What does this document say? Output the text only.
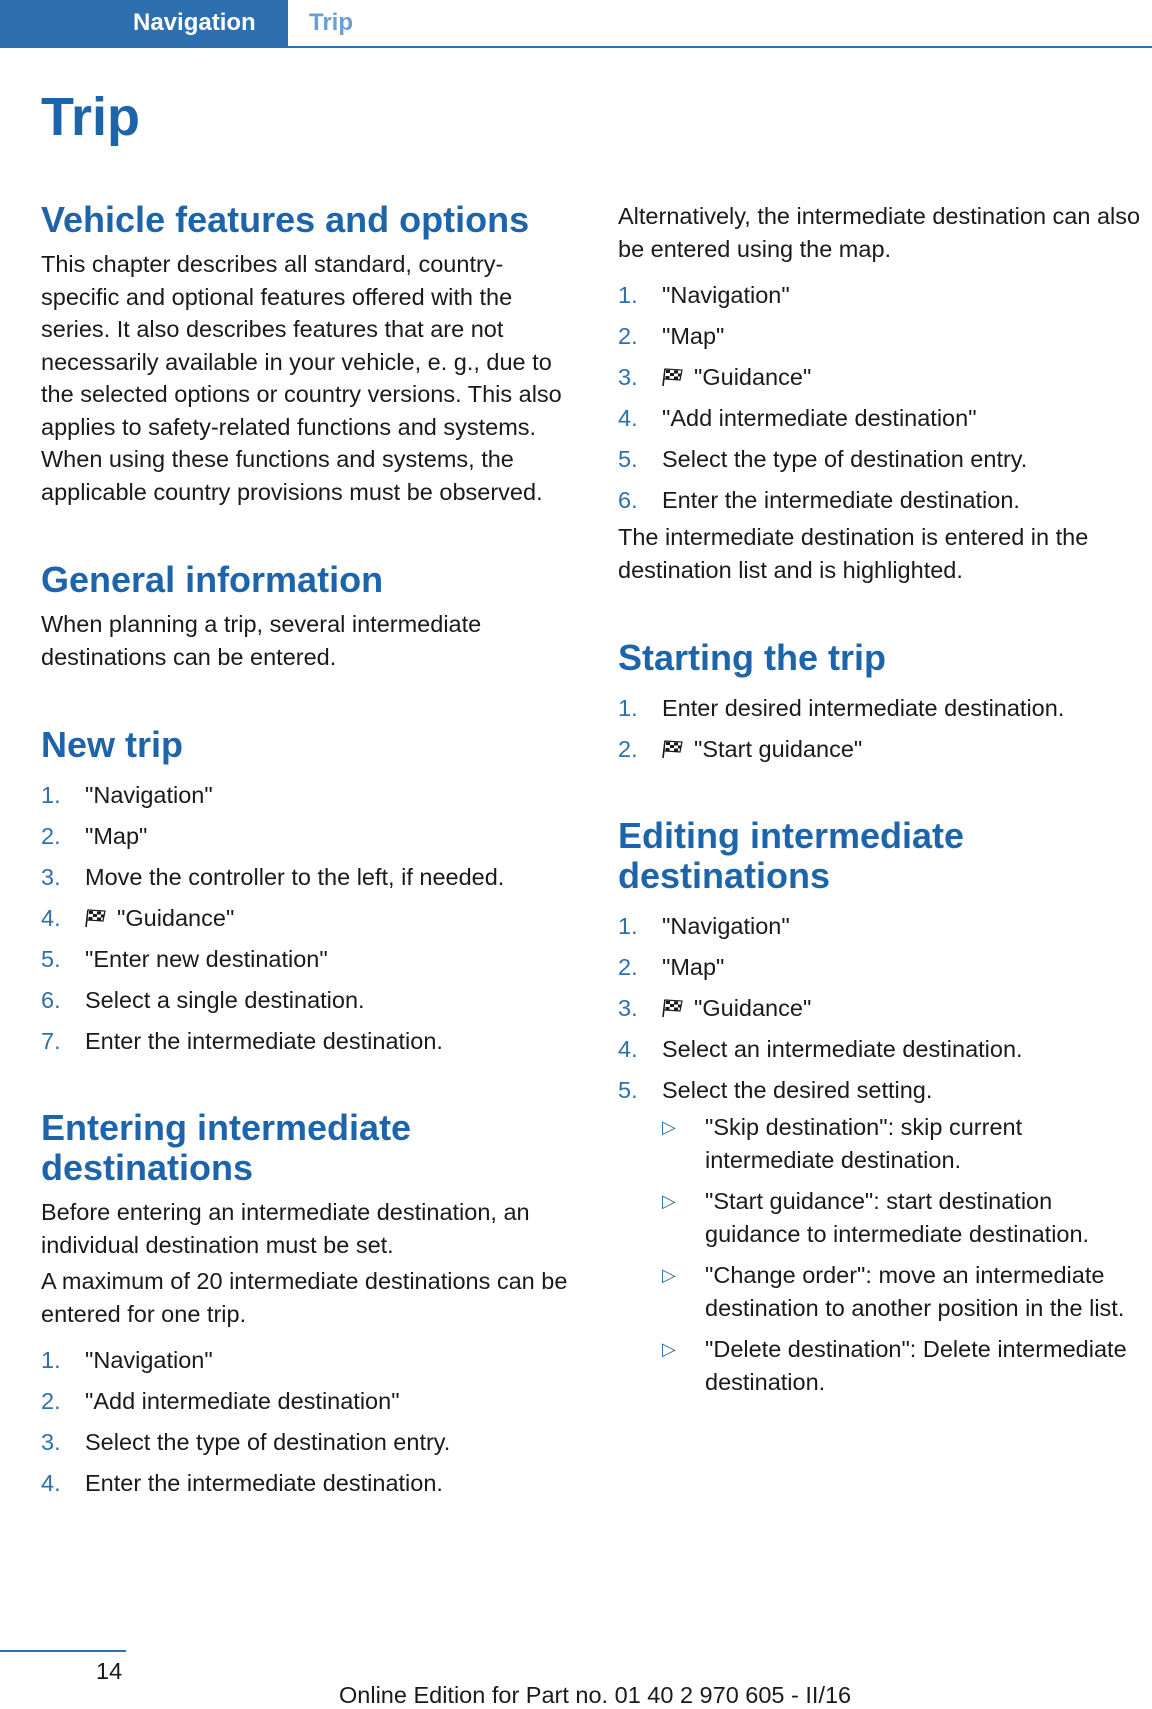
Navigation	Trip
Trip
Vehicle features and options

This chapter describes all standard, country-specific and optional features offered with the series. It also describes features that are not necessarily available in your vehicle, e. g., due to the selected options or country versions. This also applies to safety-related functions and systems. When using these functions and systems, the applicable country provisions must be observed.

General information

When planning a trip, several intermediate destinations can be entered.

New trip
1. "Navigation"
2. "Map"
3. Move the controller to the left, if needed.
4. "Guidance"
5. "Enter new destination"
6. Select a single destination.
7. Enter the intermediate destination.
Entering intermediate destinations

Before entering an intermediate destination, an individual destination must be set.

A maximum of 20 intermediate destinations can be entered for one trip.

1. "Navigation"
2. "Add intermediate destination"
3. Select the type of destination entry.
4. Enter the intermediate destination.

Alternatively, the intermediate destination can also be entered using the map.

1. "Navigation"
2. "Map"
3. "Guidance"
4. "Add intermediate destination"
5. Select the type of destination entry.
6. Enter the intermediate destination.

The intermediate destination is entered in the destination list and is highlighted.

Starting the trip
1. Enter desired intermediate destination.
2. "Start guidance"
Editing intermediate destinations
1. "Navigation"
2. "Map"
3. "Guidance"
4. Select an intermediate destination.
5. Select the desired setting.
▷ "Skip destination": skip current intermediate destination.
▷ "Start guidance": start destination guidance to intermediate destination.
▷ "Change order": move an intermediate destination to another position in the list.
▷ "Delete destination": Delete intermediate destination.
14
Online Edition for Part no. 01 40 2 970 605 - II/16
